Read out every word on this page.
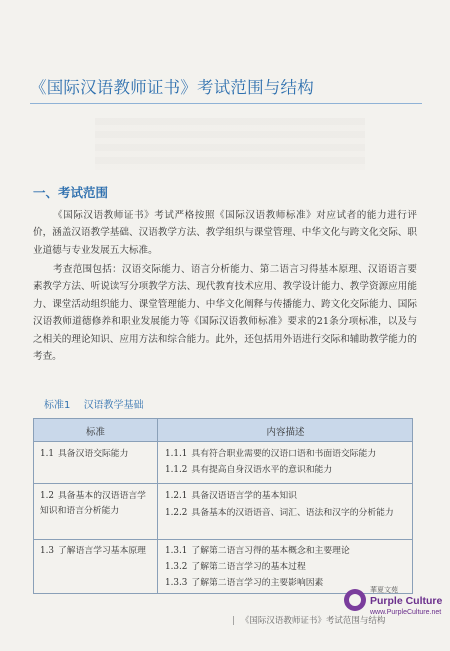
《国际汉语教师证书》考试范围与结构
一、考试范围
《国际汉语教师证书》考试严格按照《国际汉语教师标准》对应试者的能力进行评价，涵盖汉语教学基础、汉语教学方法、教学组织与课堂管理、中华文化与跨文化交际、职业道德与专业发展五大标准。
考查范围包括：汉语交际能力、语言分析能力、第二语言习得基本原理、汉语语言要素教学方法、听说读写分项教学方法、现代教育技术应用、教学设计能力、教学资源应用能力、课堂活动组织能力、课堂管理能力、中华文化阐释与传播能力、跨文化交际能力、国际汉语教师道德修养和职业发展能力等《国际汉语教师标准》要求的21条分项标准，以及与之相关的理论知识、应用方法和综合能力。此外，还包括用外语进行交际和辅助教学能力的考查。
标准1 汉语教学基础
标准	内容描述
1.1 具备汉语交际能力	1.1.1 具有符合职业需要的汉语口语和书面语交际能力
1.1.2 具有提高自身汉语水平的意识和能力
1.2 具备基本的汉语语言学知识和语言分析能力
1.2.1 具备汉语语言学的基本知识
1.2.2 具备基本的汉语语音、词汇、语法和汉字的分析能力
1.3 了解语言学习基本原理	1.3.1 了解第二语言习得的基本概念和主要理论
1.3.2 了解第二语言学习的基本过程
1.3.3 了解第二语言学习的主要影响因素
| 《国际汉语教师证书》考试范围与结构
華夏文苑
Purple Culture
www.PurpleCulture.net
